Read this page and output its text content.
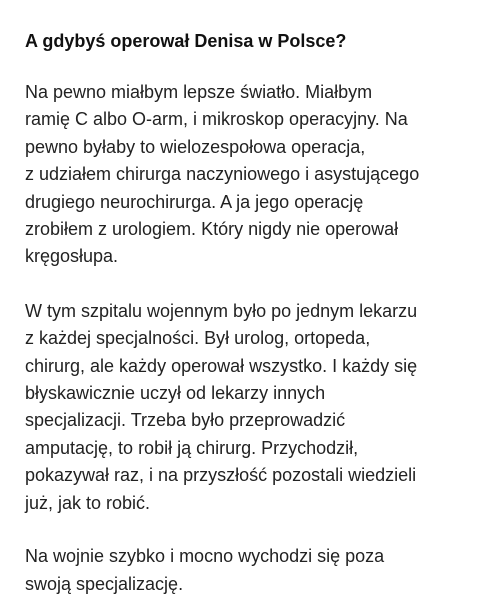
A gdybyś operował Denisa w Polsce?

Na pewno miałbym lepsze światło. Miałbym
ramię C albo O-arm, i mikroskop operacyjny. Na
pewno byłaby to wielozespołowa operacja,
z udziałem chirurga naczyniowego i asystującego
drugiego neurochirurga. A ja jego operację
zrobiłem z urologiem. Który nigdy nie operował
kręgosłupa.

W tym szpitalu wojennym było po jednym lekarzu
z każdej specjalności. Był urolog, ortopeda,
chirurg, ale każdy operował wszystko. I każdy się
błyskawicznie uczył od lekarzy innych
specjalizacji. Trzeba było przeprowadzić
amputację, to robił ją chirurg. Przychodził,
pokazywał raz, i na przyszłość pozostali wiedzieli
już, jak to robić.

Na wojnie szybko i mocno wychodzi się poza
swoją specjalizację.
